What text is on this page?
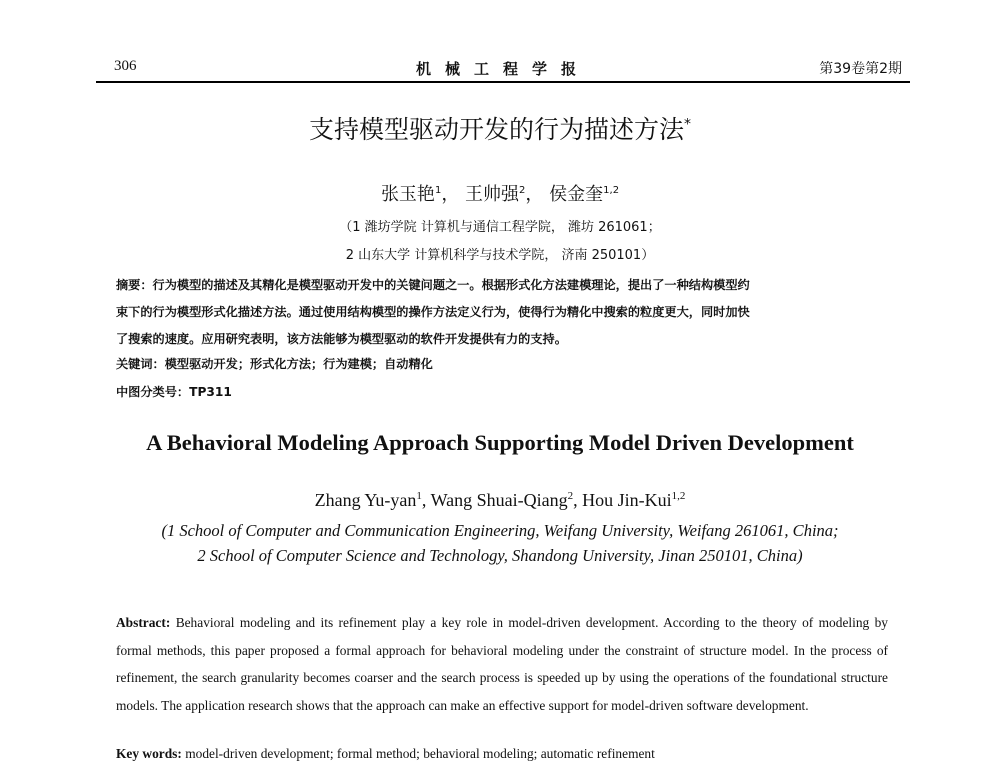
306	机械工程学报	第39卷第2期
支持模型驱动开发的行为描述方法*
张玉艳$^1$， 王帅强$^2$， 侯金奎$^{1,2}$
（1 潍坊学院 计算机与通信工程学院， 潍坊 261061；
2 山东大学 计算机科学与技术学院， 济南 250101）
摘要：行为模型的描述及其精化是模型驱动开发中的关键问题之一。根据形式化方法建模理论，提出了一种结构模型约
束下的行为模型形式化描述方法。通过使用结构模型的操作方法定义行为，使得行为精化中搜索的粒度更大，同时加快
了搜索的速度。应用研究表明，该方法能够为模型驱动的软件开发提供有力的支持。
关键词：模型驱动开发；形式化方法；行为建模；自动精化
中图分类号：TP311
A Behavioral Modeling Approach Supporting Model Driven Development
Zhang Yu-yan$^1$, Wang Shuai-Qiang$^2$, Hou Jin-Kui$^{1,2}$
(1 School of Computer and Communication Engineering, Weifang University, Weifang 261061, China;
2 School of Computer Science and Technology, Shandong University, Jinan 250101, China)
Abstract: Behavioral modeling and its refinement play a key role in model-driven development. According to the theory of modeling by formal methods, this paper proposed a formal approach for behavioral modeling under the constraint of structure model. In the process of refinement, the search granularity becomes coarser and the search process is speeded up by using the operations of the foundational structure models. The application research shows that the approach can make an effective support for model-driven software development.
Key words: model-driven development; formal method; behavioral modeling; automatic refinement
